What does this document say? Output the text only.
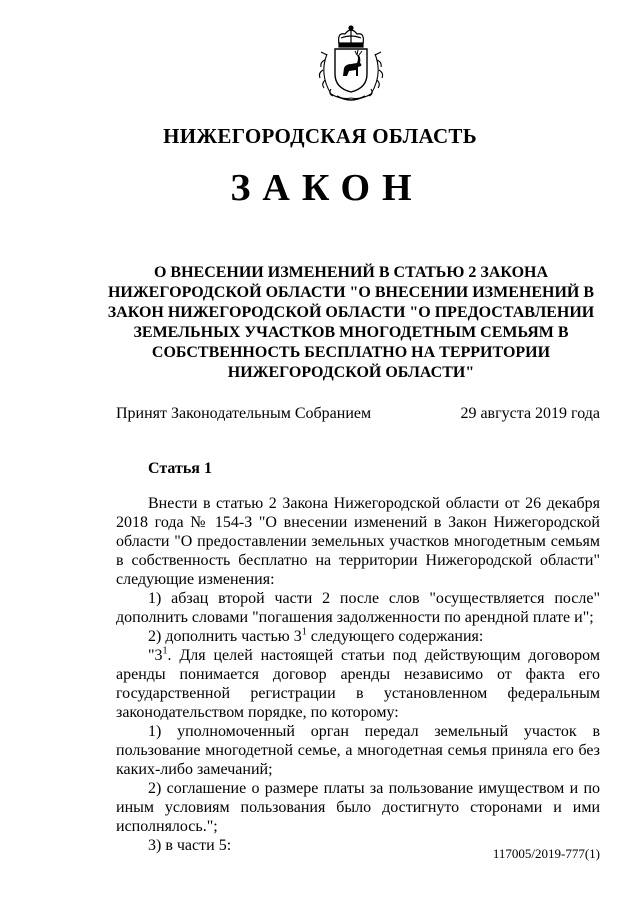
НИЖЕГОРОДСКАЯ ОБЛАСТЬ
ЗАКОН
О ВНЕСЕНИИ ИЗМЕНЕНИЙ В СТАТЬЮ 2 ЗАКОНА
НИЖЕГОРОДСКОЙ ОБЛАСТИ "О ВНЕСЕНИИ ИЗМЕНЕНИЙ В
ЗАКОН НИЖЕГОРОДСКОЙ ОБЛАСТИ "О ПРЕДОСТАВЛЕНИИ
ЗЕМЕЛЬНЫХ УЧАСТКОВ МНОГОДЕТНЫМ СЕМЬЯМ В
СОБСТВЕННОСТЬ БЕСПЛАТНО НА ТЕРРИТОРИИ
НИЖЕГОРОДСКОЙ ОБЛАСТИ"
Принят Законодательным Собранием	29 августа 2019 года
Статья 1

Внести в статью 2 Закона Нижегородской области от 26 декабря 2018 года № 154-З "О внесении изменений в Закон Нижегородской области "О предоставлении земельных участков многодетным семьям в собственность бесплатно на территории Нижегородской области" следующие изменения:

1) абзац второй части 2 после слов "осуществляется после" дополнить словами "погашения задолженности по арендной плате и";

2) дополнить частью $3^1$ следующего содержания:

"$3^1$. Для целей настоящей статьи под действующим договором аренды понимается договор аренды независимо от факта его государственной регистрации в установленном федеральным законодательством порядке, по которому:

1) уполномоченный орган передал земельный участок в пользование многодетной семье, а многодетная семья приняла его без каких-либо замечаний;

2) соглашение о размере платы за пользование имуществом и по иным условиям пользования было достигнуто сторонами и ими исполнялось.";

3) в части 5:	117005/2019-777(1)
